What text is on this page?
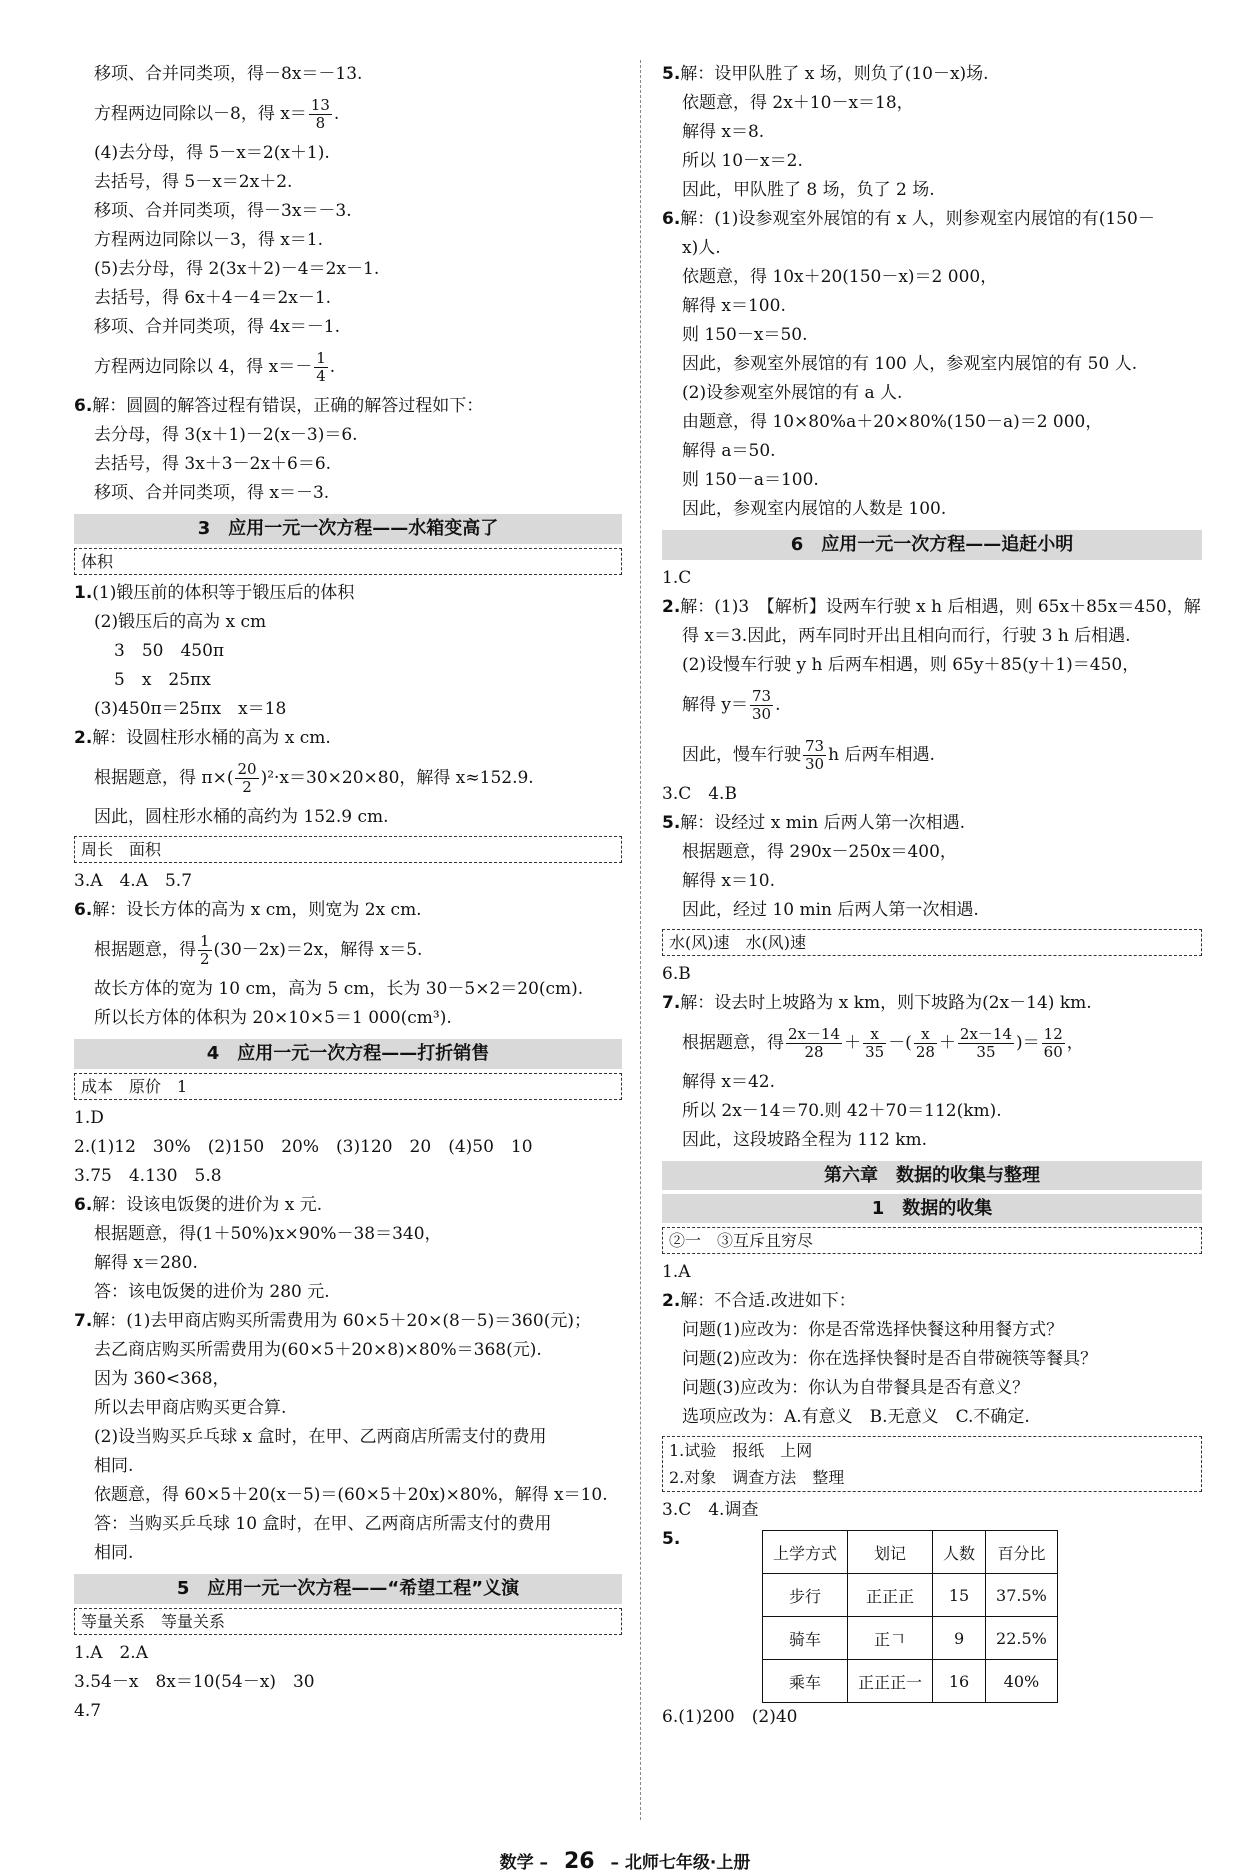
移项、合并同类项，得－8x＝－13.
方程两边同除以－8，得 $x= \frac{13}{8}$ .
(4)去分母，得 5－x＝2(x＋1).
去括号，得 5－x＝2x＋2.
移项、合并同类项，得－3x＝－3.
方程两边同除以－3，得 x＝1.
(5)去分母，得 2(3x＋2)－4＝2x－1.
去括号，得 6x＋4－4＝2x－1.
移项、合并同类项，得 4x＝－1.
方程两边同除以 4，得 $x=- \frac{1}{4}$ .
6.解：圆圆的解答过程有错误，正确的解答过程如下：
去分母，得 3(x＋1)－2(x－3)＝6.
去括号，得 3x＋3－2x＋6＝6.
移项、合并同类项，得 x＝－3.
3　应用一元一次方程——水箱变高了
体积
1.(1)锻压前的体积等于锻压后的体积
(2)锻压后的高为 x cm
3　50　450π
5　x　25πx
(3)450π＝25πx　x＝18
2.解：设圆柱形水桶的高为 x cm.
根据题意，得 $\pi\times( \frac{20}{2} )^2\cdot x=30\times 20\times 80$，解得 x≈152.9.
因此，圆柱形水桶的高约为 152.9 cm.
周长　面积
3.A　4.A　5.7
6.解：设长方体的高为 x cm，则宽为 2x cm.
根据题意，得 $\frac{1}{2} (30-2x)=2x$，解得 x＝5.
故长方体的宽为 10 cm，高为 5 cm，长为 30－5×2＝20(cm).
所以长方体的体积为 20×10×5＝1 000(cm³).
4　应用一元一次方程——打折销售
成本　原价　1
1.D
2.(1)12　30%　(2)150　20%　(3)120　20　(4)50　10
3.75　4.130　5.8
6.解：设该电饭煲的进价为 x 元.
根据题意，得(1＋50%)x×90%－38＝340，
解得 x＝280.
答：该电饭煲的进价为 280 元.
7.解：(1)去甲商店购买所需费用为 60×5＋20×(8－5)＝360(元)；
去乙商店购买所需费用为(60×5＋20×8)×80%＝368(元).
因为 360<368，
所以去甲商店购买更合算.
(2)设当购买乒乓球 x 盒时，在甲、乙两商店所需支付的费用
相同.
依题意，得 60×5＋20(x－5)＝(60×5＋20x)×80%，解得 x＝10.
答：当购买乒乓球 10 盒时，在甲、乙两商店所需支付的费用
相同.
5　应用一元一次方程——“希望工程”义演
等量关系　等量关系
1.A　2.A
3.54－x　8x＝10(54－x)　30
4.7
5.解：设甲队胜了 x 场，则负了(10－x)场.
依题意，得 2x＋10－x＝18，
解得 x＝8.
所以 10－x＝2.
因此，甲队胜了 8 场，负了 2 场.
6.解：(1)设参观室外展馆的有 x 人，则参观室内展馆的有(150－
x)人.
依题意，得 10x＋20(150－x)＝2 000，
解得 x＝100.
则 150－x＝50.
因此，参观室外展馆的有 100 人，参观室内展馆的有 50 人.
(2)设参观室外展馆的有 a 人.
由题意，得 10×80%a＋20×80%(150－a)＝2 000，
解得 a＝50.
则 150－a＝100.
因此，参观室内展馆的人数是 100.
6　应用一元一次方程——追赶小明
1.C
2.解：(1)3　【解析】设两车行驶 x h 后相遇，则 65x＋85x＝450，解
得 x＝3.因此，两车同时开出且相向而行，行驶 3 h 后相遇.
(2)设慢车行驶 y h 后两车相遇，则 65y＋85(y＋1)＝450，
解得 $y= \frac{73}{30}$ .
因此，慢车行驶 $\frac{73}{30}$ h 后两车相遇.
3.C　4.B
5.解：设经过 x min 后两人第一次相遇.
根据题意，得 290x－250x＝400，
解得 x＝10.
因此，经过 10 min 后两人第一次相遇.
水(风)速　水(风)速
6.B
7.解：设去时上坡路为 x km，则下坡路为(2x－14) km.
根据题意，得 $\frac{2x-14}{28} + \frac{x}{35}$ －( $\frac{x}{28} + \frac{2x-14}{35}$ )＝ $\frac{12}{60}$ ，
解得 x＝42.
所以 2x－14＝70.则 42＋70＝112(km).
因此，这段坡路全程为 112 km.
第六章　数据的收集与整理
1　数据的收集
②一　③互斥且穷尽
1.A
2.解：不合适.改进如下：
问题(1)应改为：你是否常选择快餐这种用餐方式？
问题(2)应改为：你在选择快餐时是否自带碗筷等餐具？
问题(3)应改为：你认为自带餐具是否有意义？
选项应改为：A.有意义　B.无意义　C.不确定.
1.试验　报纸　上网
2.对象　调查方法　整理
3.C　4.调查
5.
上学方式	划记	人数	百分比
步行	正正正	15	37.5%
骑车	正𠃍	9	22.5%
乘车	正正正一	16	40%
6.(1)200　(2)40
数学 – 26 – 北师七年级·上册
